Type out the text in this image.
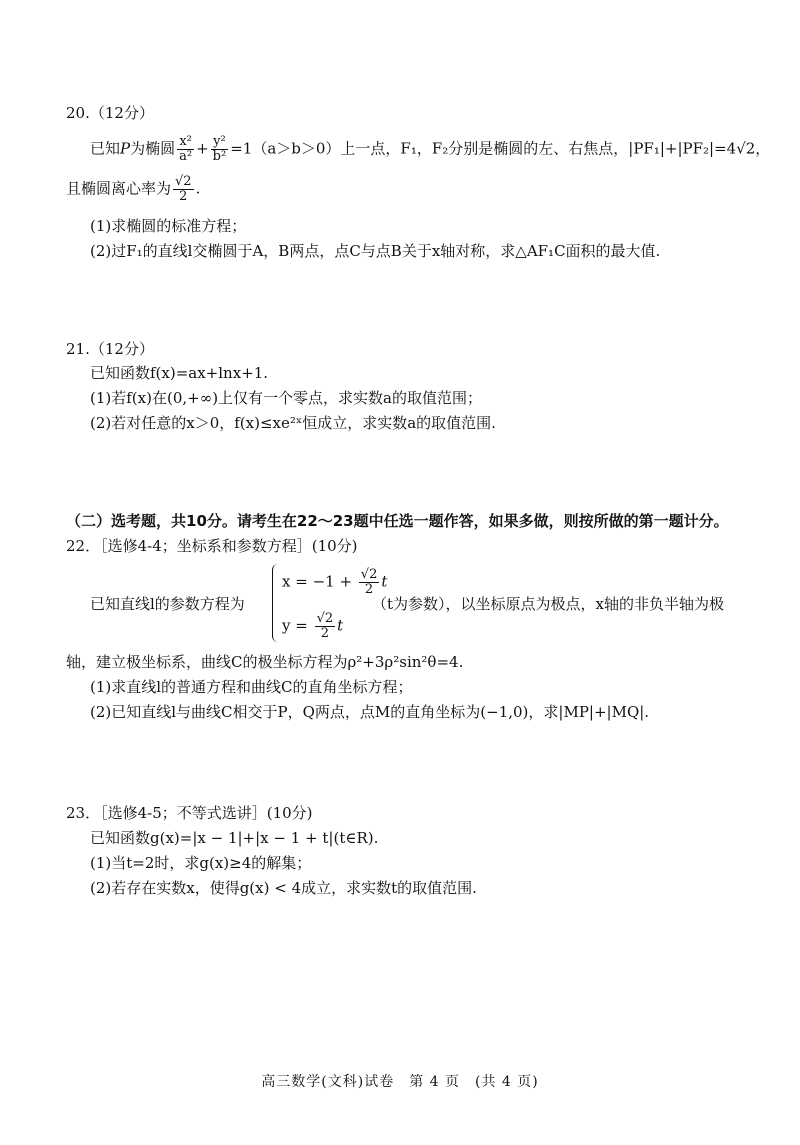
20.（12分）
已知P为椭圆 $\frac{\text{x²}}{\text{a²}} + \frac{\text{y²}}{\text{b²}} =1(a>b>0)$上一点，F₁，F₂分别是椭圆的左、右焦点，|PF₁|+|PF₂|=4√2，
且椭圆离心率为 $\frac{√2}{2}$ .
(1)求椭圆的标准方程；
(2)过F₁的直线l交椭圆于A，B两点，点C与点B关于x轴对称，求△AF₁C面积的最大值.
21.（12分）
已知函数f(x)=ax+lnx+1.
(1)若f(x)在(0,+∞)上仅有一个零点，求实数a的取值范围；
(2)若对任意的x＞0，f(x)≤xe²ˣ恒成立，求实数a的取值范围.
（二）选考题，共10分。请考生在22～23题中任选一题作答，如果多做，则按所做的第一题计分。
22．［选修4-4；坐标系和参数方程］(10分)
已知直线l的参数方程为
$x = -1 + \frac{√2}{2}$ t
$y = \frac{√2}{2}$ t
（t为参数），以坐标原点为极点，x轴的非负半轴为极
轴，建立极坐标系，曲线C的极坐标方程为ρ²+3ρ²sin²θ=4.
(1)求直线l的普通方程和曲线C的直角坐标方程；
(2)已知直线l与曲线C相交于P，Q两点，点M的直角坐标为(−1,0)，求|MP|+|MQ|.
23．［选修4-5；不等式选讲］(10分)
已知函数g(x)=|x − 1|+|x − 1 + t|(t∈R).
(1)当t=2时，求g(x)≥4的解集；
(2)若存在实数x，使得g(x) < 4成立，求实数t的取值范围.
高三数学(文科)试卷　第 4 页　(共 4 页)
